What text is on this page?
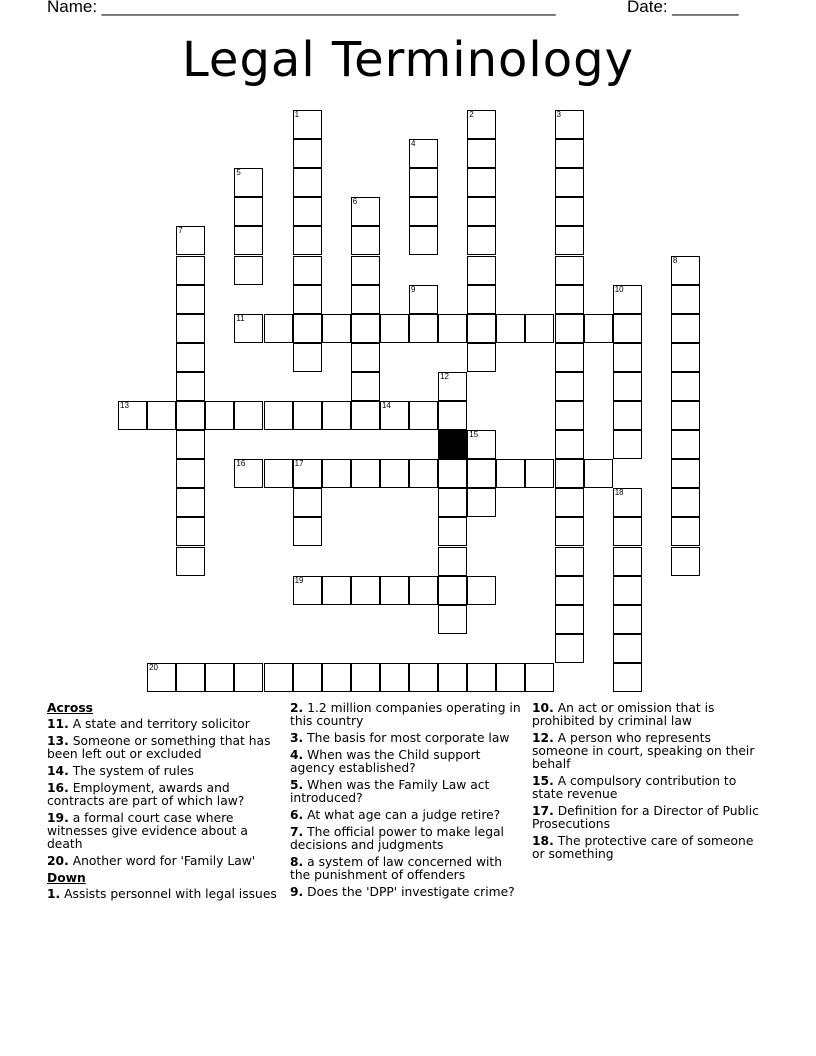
Name: ________________________________________________	Date: _______
Legal Terminology
11
13	14
16	17
19
20
1	2	3
4
5
6
7
8
9	10
12
15
18
Across
11. A state and territory solicitor
13. Someone or something that has been left out or excluded
14. The system of rules
16. Employment, awards and contracts are part of which law?
19. a formal court case where witnesses give evidence about a death
20. Another word for 'Family Law'
Down
1. Assists personnel with legal issues
2. 1.2 million companies operating in this country
3. The basis for most corporate law
4. When was the Child support agency established?
5. When was the Family Law act introduced?
6. At what age can a judge retire?
7. The official power to make legal decisions and judgments
8. a system of law concerned with the punishment of offenders
9. Does the 'DPP' investigate crime?
10. An act or omission that is prohibited by criminal law
12. A person who represents someone in court, speaking on their behalf
15. A compulsory contribution to state revenue
17. Definition for a Director of Public Prosecutions
18. The protective care of someone or something
